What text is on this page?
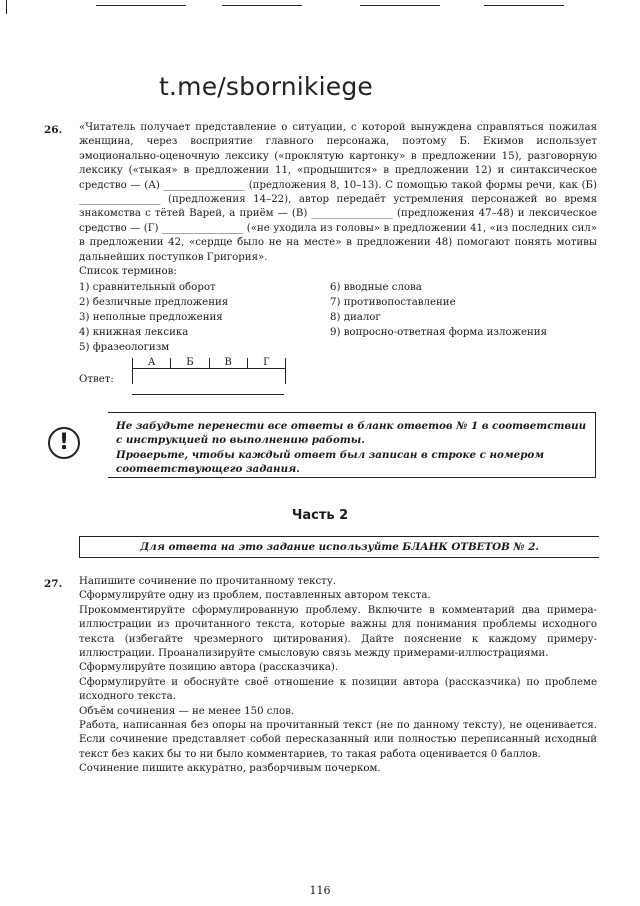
t.me/sbornikiege
26. «Читатель получает представление о ситуации, с которой вынуждена справляться пожилая женщина, через восприятие главного персонажа, поэтому Б. Екимов использует эмоционально-оценочную лексику («проклятую картонку» в предложении 15), разговорную лексику («тыкая» в предложении 11, «продышится» в предложении 12) и синтаксическое средство — (А) ________________ (предложения 8, 10–13). С помощью такой формы речи, как (Б) ________________ (предложения 14–22), автор передаёт устремления персонажей во время знакомства с тётей Варей, а приём — (В) ________________ (предложения 47–48) и лексическое средство — (Г) ________________ («не уходила из головы» в предложении 41, «из последних сил» в предложении 42, «сердце было не на месте» в предложении 48) помогают понять мотивы дальнейших поступков Григория».

Список терминов:
1) сравнительный оборот
2) безличные предложения
3) неполные предложения
4) книжная лексика
5) фразеологизм
6) вводные слова
7) противопоставление
8) диалог
9) вопросно-ответная форма изложения
Ответ:
А	Б	В	Г
!

Не забудьте перенести все ответы в бланк ответов № 1 в соответствии с инструкцией по выполнению работы.

Проверьте, чтобы каждый ответ был записан в строке с номером соответствующего задания.

Часть 2
Для ответа на это задание используйте БЛАНК ОТВЕТОВ № 2.
27. Напишите сочинение по прочитанному тексту.

Сформулируйте одну из проблем, поставленных автором текста.

Прокомментируйте сформулированную проблему. Включите в комментарий два примера-иллюстрации из прочитанного текста, которые важны для понимания проблемы исходного текста (избегайте чрезмерного цитирования). Дайте пояснение к каждому примеру-иллюстрации. Проанализируйте смысловую связь между примерами-иллюстрациями.

Сформулируйте позицию автора (рассказчика).

Сформулируйте и обоснуйте своё отношение к позиции автора (рассказчика) по проблеме исходного текста.

Объём сочинения — не менее 150 слов.

Работа, написанная без опоры на прочитанный текст (не по данному тексту), не оценивается. Если сочинение представляет собой пересказанный или полностью переписанный исходный текст без каких бы то ни было комментариев, то такая работа оценивается 0 баллов.

Сочинение пишите аккуратно, разборчивым почерком.

116
